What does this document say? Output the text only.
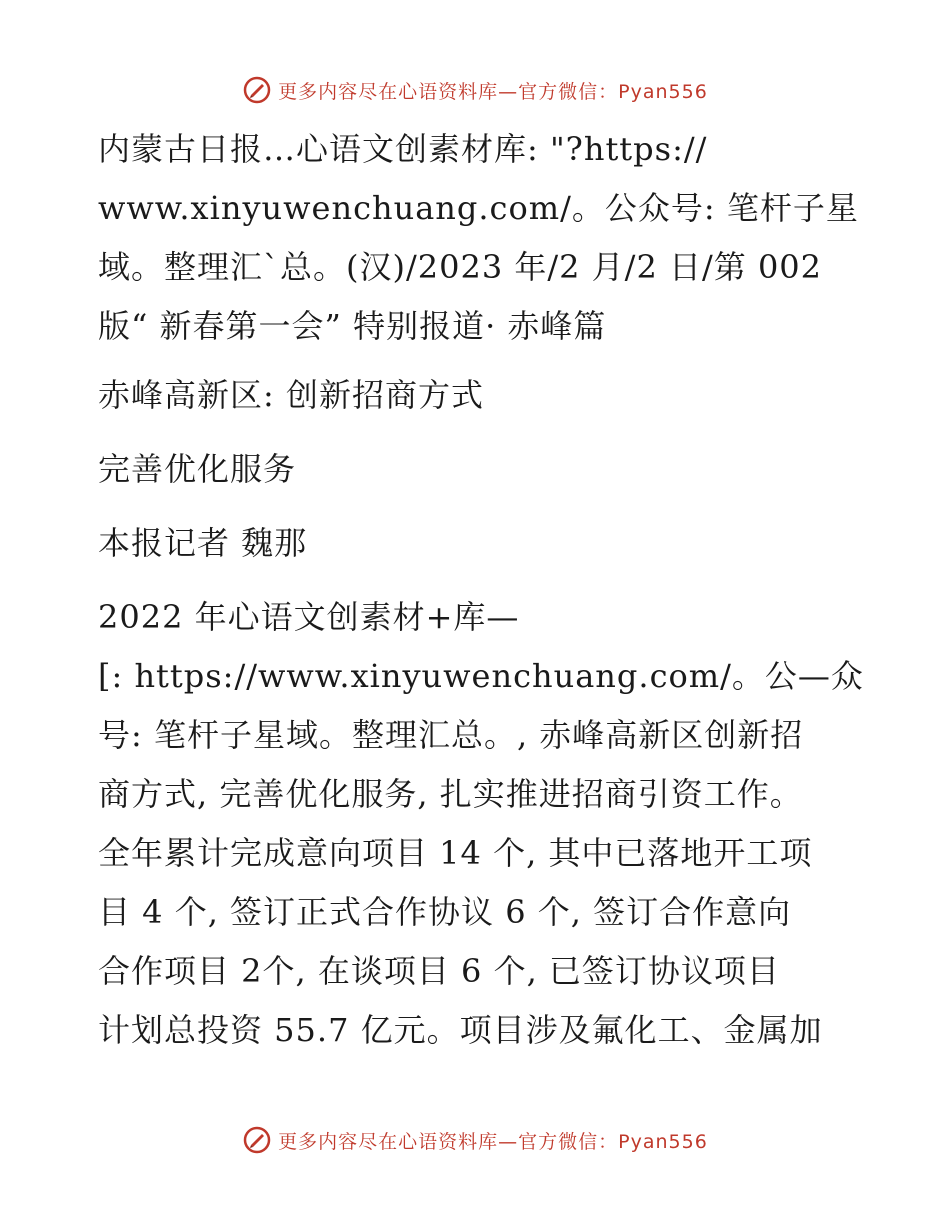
更多内容尽在心语资料库—官方微信：Pyan556
内蒙古日报…心语文创素材库: "?https://
www.xinyuwenchuang.com/。公众号: 笔杆子星
域。整理汇`总。(汉)/2023 年/2 月/2 日/第 002
版“ 新春第一会” 特别报道· 赤峰篇
赤峰高新区: 创新招商方式
完善优化服务
本报记者 魏那
2022 年心语文创素材+库—
[: https://www.xinyuwenchuang.com/。公—众
号: 笔杆子星域。整理汇总。, 赤峰高新区创新招
商方式, 完善优化服务, 扎实推进招商引资工作。
全年累计完成意向项目 14 个, 其中已落地开工项
目 4 个, 签订正式合作协议 6 个, 签订合作意向
合作项目 2个, 在谈项目 6 个, 已签订协议项目
计划总投资 55.7 亿元。项目涉及氟化工、金属加
更多内容尽在心语资料库—官方微信：Pyan556
